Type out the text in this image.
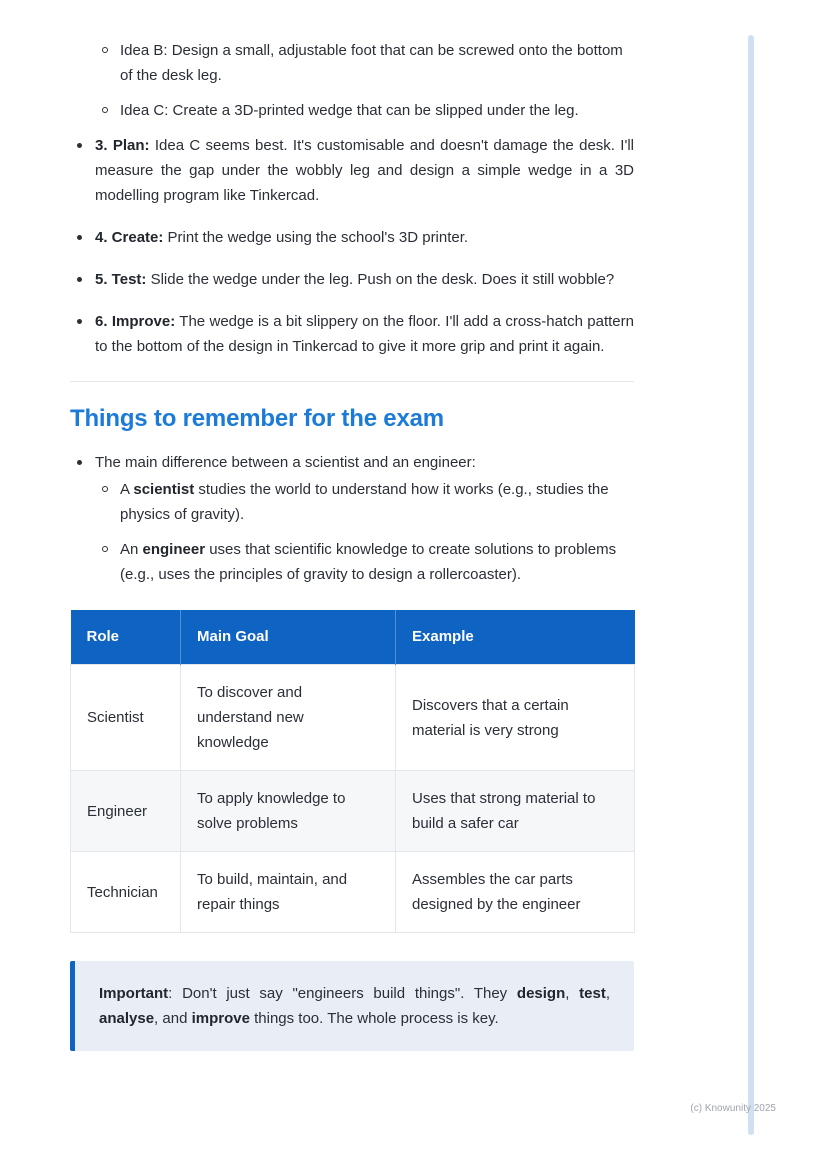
Idea B: Design a small, adjustable foot that can be screwed onto the bottom of the desk leg.

Idea C: Create a 3D-printed wedge that can be slipped under the leg.

3. Plan: Idea C seems best. It's customisable and doesn't damage the desk. I'll measure the gap under the wobbly leg and design a simple wedge in a 3D modelling program like Tinkercad.

4. Create: Print the wedge using the school's 3D printer.

5. Test: Slide the wedge under the leg. Push on the desk. Does it still wobble?

6. Improve: The wedge is a bit slippery on the floor. I'll add a cross-hatch pattern to the bottom of the design in Tinkercad to give it more grip and print it again.

Things to remember for the exam

The main difference between a scientist and an engineer:

A scientist studies the world to understand how it works (e.g., studies the physics of gravity).

An engineer uses that scientific knowledge to create solutions to problems (e.g., uses the principles of gravity to design a rollercoaster).

Role	Main Goal	Example
Scientist	To discover and understand new knowledge	Discovers that a certain material is very strong
Engineer	To apply knowledge to solve problems	Uses that strong material to build a safer car
Technician	To build, maintain, and repair things	Assembles the car parts designed by the engineer

Important: Don't just say "engineers build things". They design, test, analyse, and improve things too. The whole process is key.

(c) Knowunity 2025
